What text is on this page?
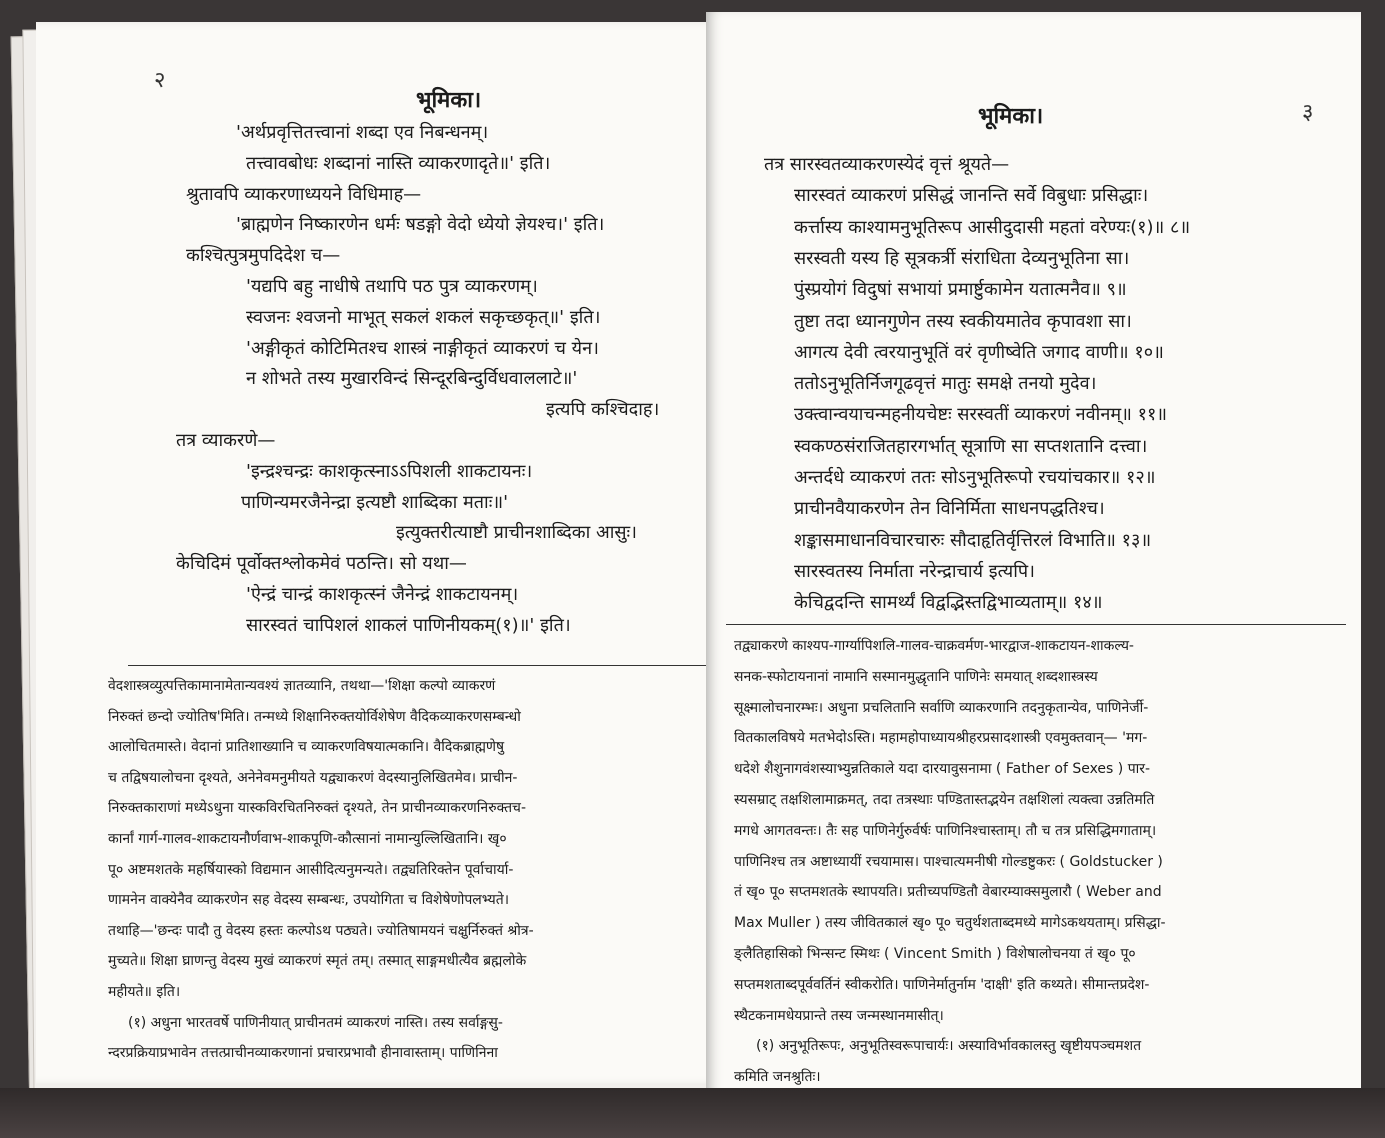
२
भूमिका।
'अर्थप्रवृत्तितत्त्वानां शब्दा एव निबन्धनम्।
तत्त्वावबोधः शब्दानां नास्ति व्याकरणादृते॥' इति।
श्रुतावपि व्याकरणाध्ययने विधिमाह—
'ब्राह्मणेन निष्कारणेन धर्मः षडङ्गो वेदो ध्येयो ज्ञेयश्च।' इति।
कश्चित्पुत्रमुपदिदेश च—
'यद्यपि बहु नाधीषे तथापि पठ पुत्र व्याकरणम्।
स्वजनः श्वजनो माभूत् सकलं शकलं सकृच्छकृत्॥' इति।
'अङ्गीकृतं कोटिमितश्च शास्त्रं नाङ्गीकृतं व्याकरणं च येन।
न शोभते तस्य मुखारविन्दं सिन्दूरबिन्दुर्विधवाललाटे॥'
इत्यपि कश्चिदाह।
तत्र व्याकरणे—
'इन्द्रश्चन्द्रः काशकृत्स्नाऽऽपिशली शाकटायनः।
पाणिन्यमरजैनेन्द्रा इत्यष्टौ शाब्दिका मताः॥'
इत्युक्तरीत्याष्टौ प्राचीनशाब्दिका आसुः।
केचिदिमं पूर्वोक्तश्लोकमेवं पठन्ति। सो यथा—
'ऐन्द्रं चान्द्रं काशकृत्स्नं जैनेन्द्रं शाकटायनम्।
सारस्वतं चापिशलं शाकलं पाणिनीयकम्(१)॥' इति।
वेदशास्त्रव्युत्पत्तिकामानामेतान्यवश्यं ज्ञातव्यानि, तथथा—'शिक्षा कल्पो व्याकरणं
निरुक्तं छन्दो ज्योतिष'मिति। तन्मध्ये शिक्षानिरुक्तयोर्विशेषेण वैदिकव्याकरणसम्बन्धो
आलोचितमास्ते। वेदानां प्रातिशाख्यानि च व्याकरणविषयात्मकानि। वैदिकब्राह्मणेषु
च तद्विषयालोचना दृश्यते, अनेनेवमनुमीयते यद्व्याकरणं वेदस्यानुलिखितमेव। प्राचीन-
निरुक्तकाराणां मध्येऽधुना यास्कविरचितनिरुक्तं दृश्यते, तेन प्राचीनव्याकरणनिरुक्तच-
कार्नां गार्ग-गालव-शाकटायनौर्णवाभ-शाकपूणि-कौत्सानां नामान्युल्लिखितानि। खृ०
पू० अष्टमशतके महर्षियास्को विद्यमान आसीदित्यनुमन्यते। तद्व्यतिरिक्तेन पूर्वाचार्या-
णामनेन वाक्येनैव व्याकरणेन सह वेदस्य सम्बन्धः, उपयोगिता च विशेषेणोपलभ्यते।
तथाहि—'छन्दः पादौ तु वेदस्य हस्तः कल्पोऽथ पठ्यते। ज्योतिषामयनं चक्षुर्निरुक्तं श्रोत्र-
मुच्यते॥ शिक्षा घ्राणन्तु वेदस्य मुखं व्याकरणं स्मृतं तम्। तस्मात् साङ्गमधीत्यैव ब्रह्मलोके
महीयते॥ इति।
(१) अधुना भारतवर्षे पाणिनीयात् प्राचीनतमं व्याकरणं नास्ति। तस्य सर्वाङ्गसु-
न्दरप्रक्रियाप्रभावेन तत्तत्प्राचीनव्याकरणानां प्रचारप्रभावौ हीनावास्ताम्। पाणिनिना
३
भूमिका।
तत्र सारस्वतव्याकरणस्येदं वृत्तं श्रूयते—
सारस्वतं व्याकरणं प्रसिद्धं जानन्ति सर्वे विबुधाः प्रसिद्धाः।
कर्त्तास्य काश्यामनुभूतिरूप आसीदुदासी महतां वरेण्यः(१)॥ ८॥
सरस्वती यस्य हि सूत्रकर्त्री संराधिता देव्यनुभूतिना सा।
पुंस्प्रयोगं विदुषां सभायां प्रमार्ष्टुकामेन यतात्मनैव॥ ९॥
तुष्टा तदा ध्यानगुणेन तस्य स्वकीयमातेव कृपावशा सा।
आगत्य देवी त्वरयानुभूतिं वरं वृणीष्वेति जगाद वाणी॥ १०॥
ततोऽनुभूतिर्निजगूढवृत्तं मातुः समक्षे तनयो मुदेव।
उक्त्वान्वयाचन्महनीयचेष्टः सरस्वतीं व्याकरणं नवीनम्॥ ११॥
स्वकण्ठसंराजितहारगर्भात् सूत्राणि सा सप्तशतानि दत्त्वा।
अन्तर्दधे व्याकरणं ततः सोऽनुभूतिरूपो रचयांचकार॥ १२॥
प्राचीनवैयाकरणेन तेन विनिर्मिता साधनपद्धतिश्च।
शङ्कासमाधानविचारचारुः सौदाहृतिर्वृत्तिरलं विभाति॥ १३॥
सारस्वतस्य निर्माता नरेन्द्राचार्य इत्यपि।
केचिद्वदन्ति सामर्थ्यं विद्वद्भिस्तद्विभाव्यताम्॥ १४॥
तद्व्याकरणे काश्यप-गार्ग्यापिशलि-गालव-चाक्रवर्मण-भारद्वाज-शाकटायन-शाकल्य-
सनक-स्फोटायनानां नामानि सस्मानमुद्धृतानि पाणिनेः समयात् शब्दशास्त्रस्य
सूक्ष्मालोचनारम्भः। अधुना प्रचलितानि सर्वाणि व्याकरणानि तदनुकृतान्येव, पाणिनेर्जी-
वितकालविषये मतभेदोऽस्ति। महामहोपाध्यायश्रीहरप्रसादशास्त्री एवमुक्तवान्— 'मग-
धदेशे शैशुनागवंशस्याभ्युन्नतिकाले यदा दारयावुसनामा ( Father of Sexes ) पार-
स्यसम्राट् तक्षशिलामाक्रमत्, तदा तत्रस्थाः पण्डितास्तद्भयेन तक्षशिलां त्यक्त्वा उन्नतिमति
मगधे आगतवन्तः। तैः सह पाणिनेर्गुरुर्वर्षः पाणिनिश्चास्ताम्। तौ च तत्र प्रसिद्धिमगाताम्।
पाणिनिश्च तत्र अष्टाध्यायीं रचयामास। पाश्चात्यमनीषी गोल्डष्टुकरः ( Goldstucker )
तं खृ० पू० सप्तमशतके स्थापयति। प्रतीच्यपण्डितौ वेबारम्याक्समुलारौ ( Weber and
Max Muller ) तस्य जीवितकालं खृ० पू० चतुर्थशताब्दमध्ये मागेऽकथयताम्। प्रसिद्धा-
ङ्लैतिहासिको भिन्सन्ट स्मिथः ( Vincent Smith ) विशेषालोचनया तं खृ० पू०
सप्तमशताब्दपूर्ववर्तिनं स्वीकरोति। पाणिनेर्मातुर्नाम 'दाक्षी' इति कथ्यते। सीमान्तप्रदेश-
स्थैटकनामधेयप्रान्ते तस्य जन्मस्थानमासीत्।
(१) अनुभूतिरूपः, अनुभूतिस्वरूपाचार्यः। अस्याविर्भावकालस्तु खृष्टीयपञ्चमशत
कमिति जनश्रुतिः।
